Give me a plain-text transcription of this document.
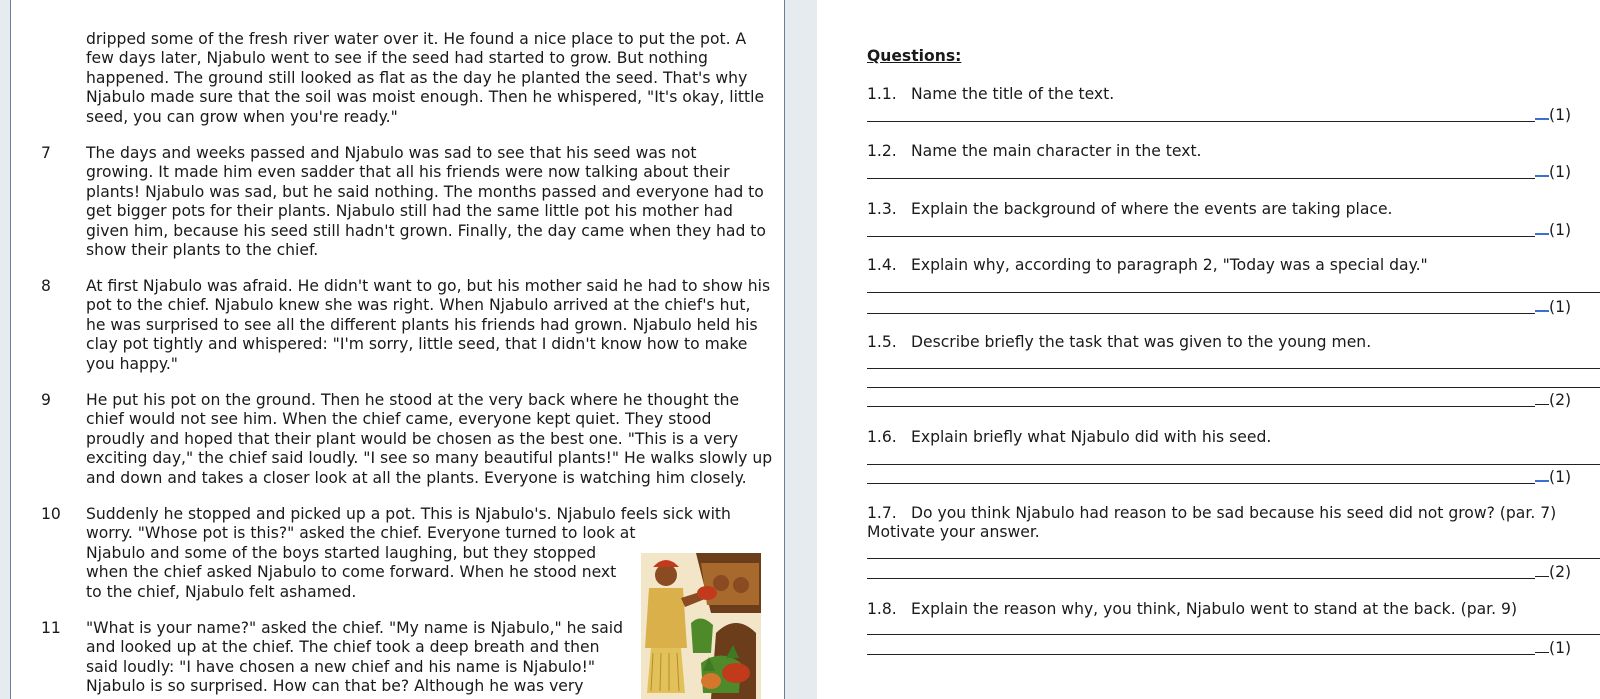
dripped some of the fresh river water over it. He found a nice place to put the pot. A
few days later, Njabulo went to see if the seed had started to grow. But nothing
happened. The ground still looked as flat as the day he planted the seed. That's why
Njabulo made sure that the soil was moist enough. Then he whispered, "It's okay, little
seed, you can grow when you're ready."
7 The days and weeks passed and Njabulo was sad to see that his seed was not
growing. It made him even sadder that all his friends were now talking about their
plants! Njabulo was sad, but he said nothing. The months passed and everyone had to
get bigger pots for their plants. Njabulo still had the same little pot his mother had
given him, because his seed still hadn't grown. Finally, the day came when they had to
show their plants to the chief.
8 At first Njabulo was afraid. He didn't want to go, but his mother said he had to show his
pot to the chief. Njabulo knew she was right. When Njabulo arrived at the chief's hut,
he was surprised to see all the different plants his friends had grown. Njabulo held his
clay pot tightly and whispered: "I'm sorry, little seed, that I didn't know how to make
you happy."
9 He put his pot on the ground. Then he stood at the very back where he thought the
chief would not see him. When the chief came, everyone kept quiet. They stood
proudly and hoped that their plant would be chosen as the best one. "This is a very
exciting day," the chief said loudly. "I see so many beautiful plants!" He walks slowly up
and down and takes a closer look at all the plants. Everyone is watching him closely.
10 Suddenly he stopped and picked up a pot. This is Njabulo's. Njabulo feels sick with
worry. "Whose pot is this?" asked the chief. Everyone turned to look at
Njabulo and some of the boys started laughing, but they stopped
when the chief asked Njabulo to come forward. When he stood next
to the chief, Njabulo felt ashamed.
11 "What is your name?" asked the chief. "My name is Njabulo," he said
and looked up at the chief. The chief took a deep breath and then
said loudly: "I have chosen a new chief and his name is Njabulo!"
Njabulo is so surprised. How can that be? Although he was very
Questions:
1.1. Name the title of the text.
(1)
1.2. Name the main character in the text.
(1)
1.3. Explain the background of where the events are taking place.
(1)
1.4. Explain why, according to paragraph 2, "Today was a special day."
(1)
1.5. Describe briefly the task that was given to the young men.
(2)
1.6. Explain briefly what Njabulo did with his seed.
(1)
1.7. Do you think Njabulo had reason to be sad because his seed did not grow? (par. 7)
Motivate your answer.
(2)
1.8. Explain the reason why, you think, Njabulo went to stand at the back. (par. 9)
(1)
